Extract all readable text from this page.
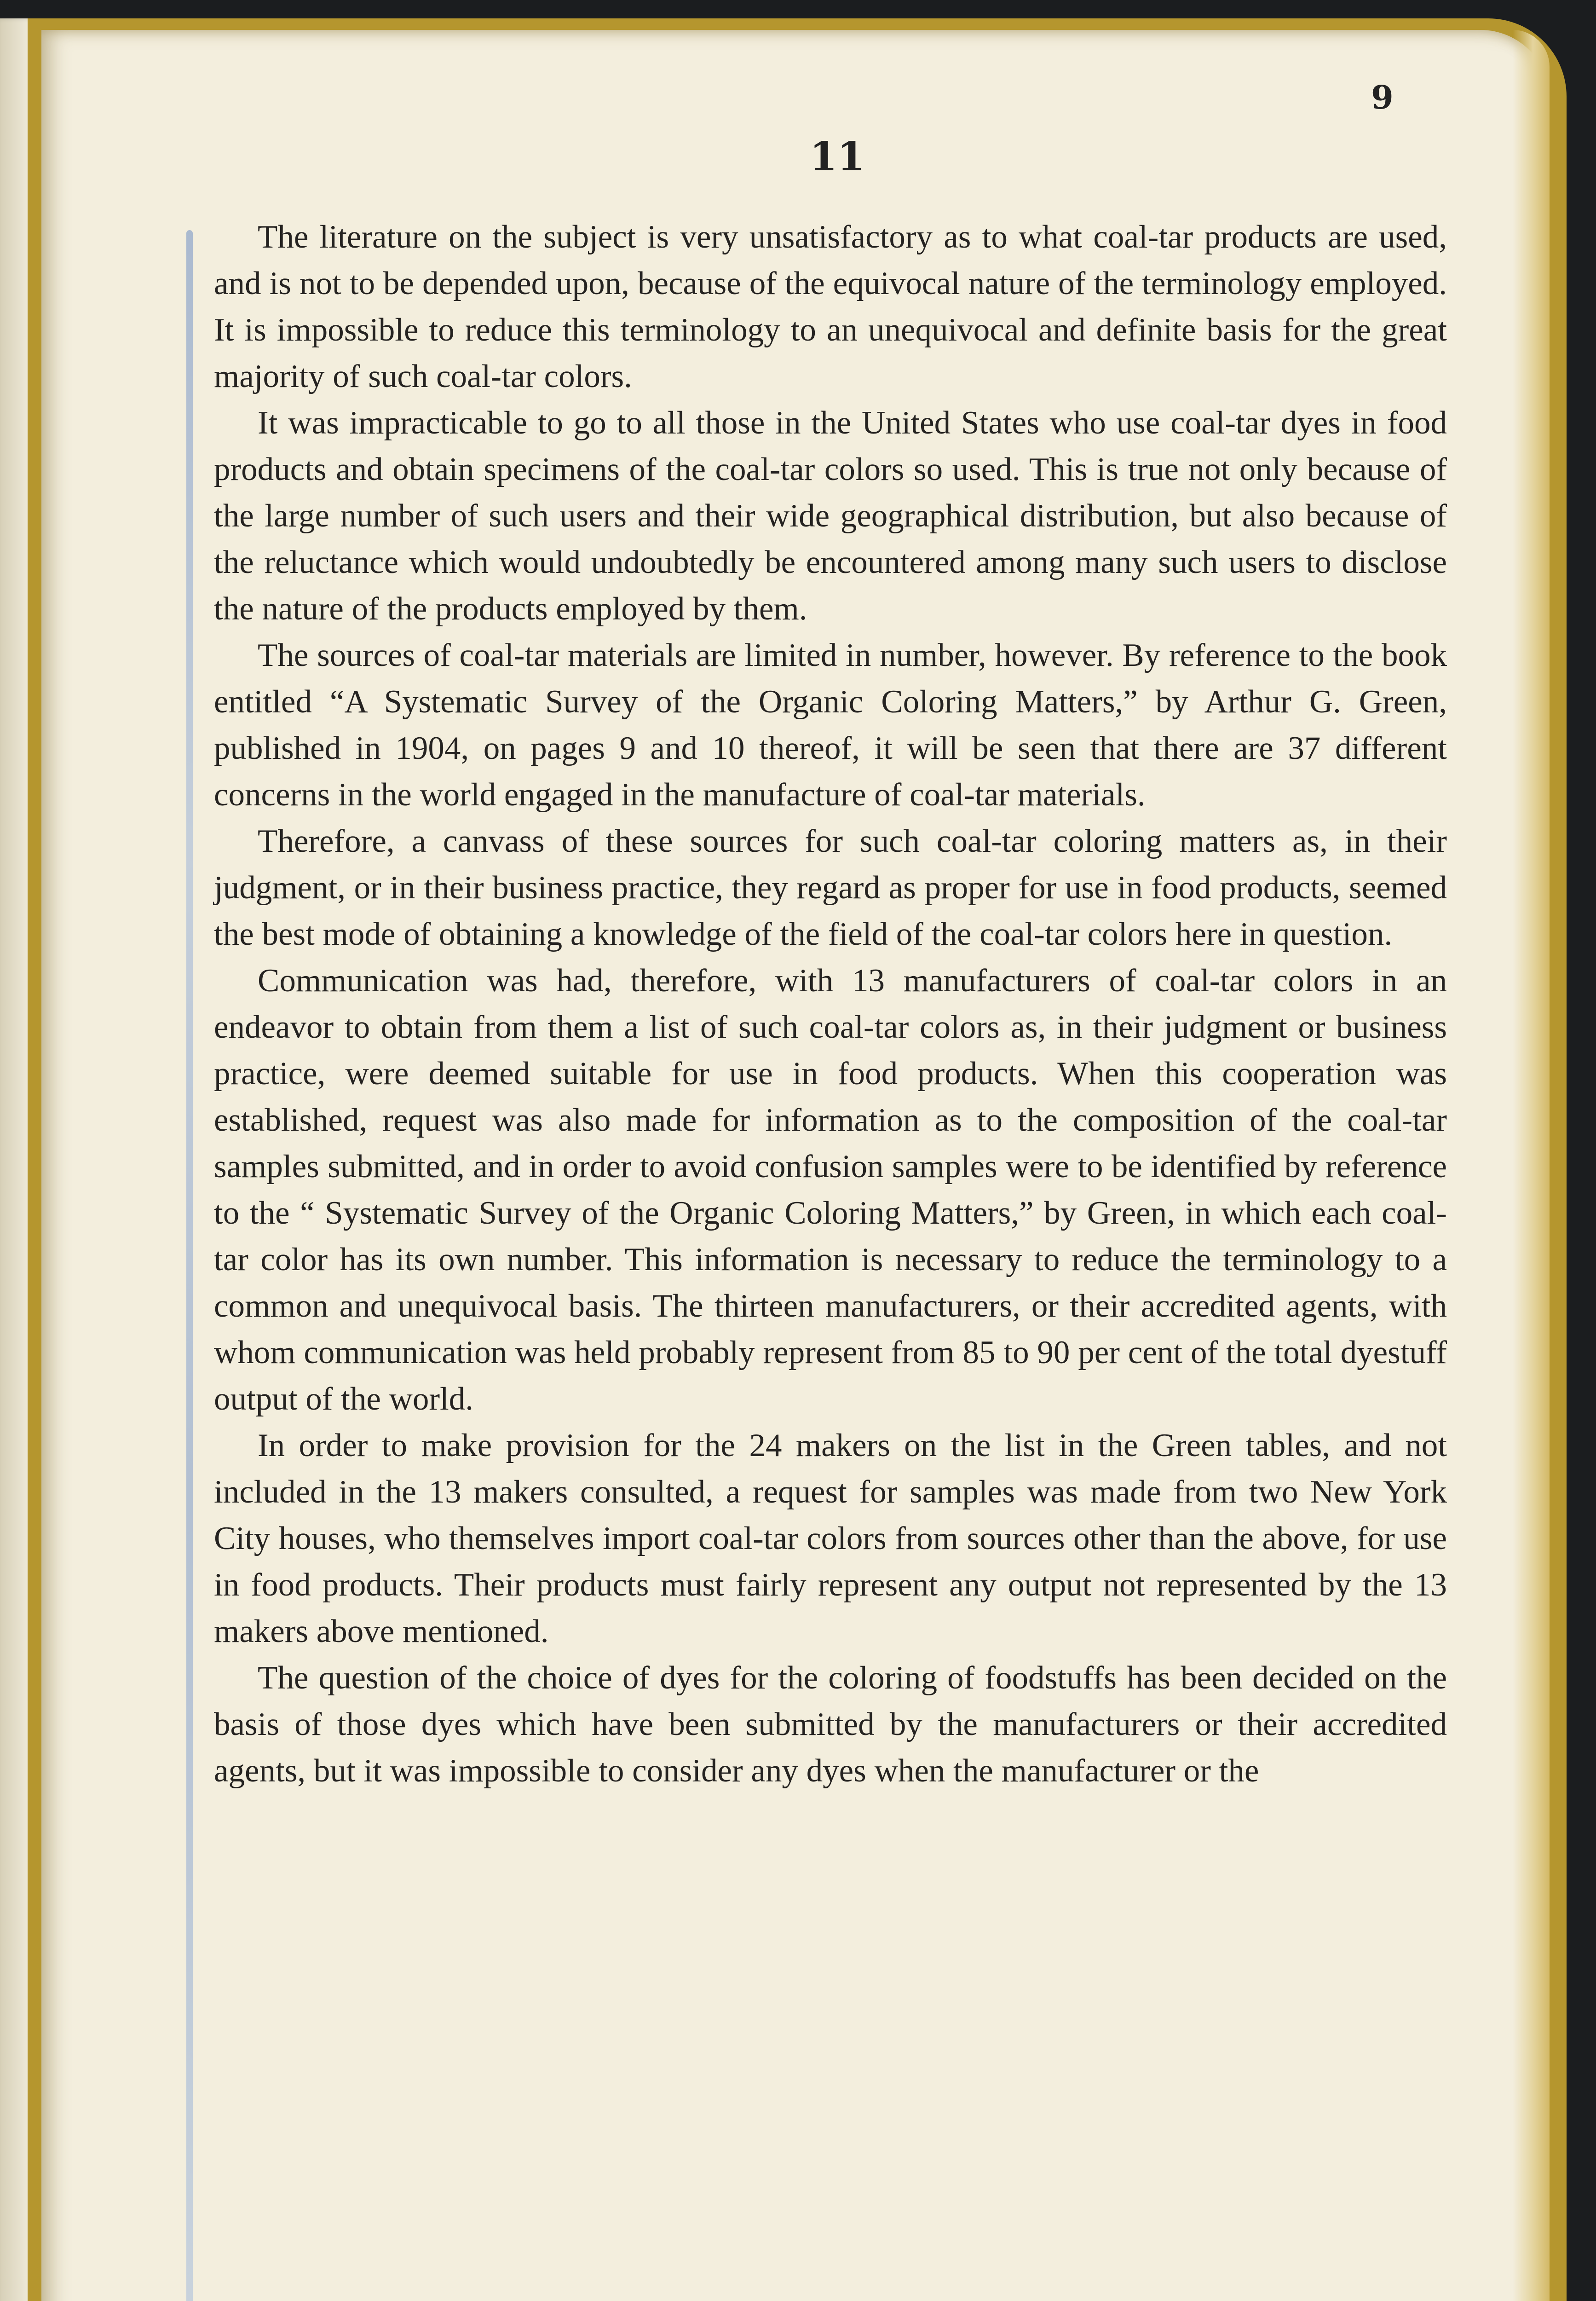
9
11

The literature on the subject is very unsatisfactory as to what coal-tar products are used, and is not to be depended upon, because of the equivocal nature of the terminology employed. It is impossible to reduce this terminology to an unequivocal and definite basis for the great majority of such coal-tar colors.

It was impracticable to go to all those in the United States who use coal-tar dyes in food products and obtain specimens of the coal-tar colors so used. This is true not only because of the large number of such users and their wide geographical distribution, but also because of the reluctance which would undoubtedly be encountered among many such users to disclose the nature of the products employed by them.

The sources of coal-tar materials are limited in number, however. By reference to the book entitled “A Systematic Survey of the Organic Coloring Matters,” by Arthur G. Green, published in 1904, on pages 9 and 10 thereof, it will be seen that there are 37 different concerns in the world engaged in the manufacture of coal-tar materials.

Therefore, a canvass of these sources for such coal-tar coloring matters as, in their judgment, or in their business practice, they regard as proper for use in food products, seemed the best mode of obtaining a knowledge of the field of the coal-tar colors here in question.

Communication was had, therefore, with 13 manufacturers of coal-tar colors in an endeavor to obtain from them a list of such coal-tar colors as, in their judgment or business practice, were deemed suitable for use in food products. When this cooperation was established, request was also made for information as to the composition of the coal-tar samples submitted, and in order to avoid confusion samples were to be identified by reference to the “ Systematic Survey of the Organic Coloring Matters,” by Green, in which each coal-tar color has its own number. This information is necessary to reduce the terminology to a common and unequivocal basis. The thirteen manufacturers, or their accredited agents, with whom communication was held probably represent from 85 to 90 per cent of the total dyestuff output of the world.

In order to make provision for the 24 makers on the list in the Green tables, and not included in the 13 makers consulted, a request for samples was made from two New York City houses, who themselves import coal-tar colors from sources other than the above, for use in food products. Their products must fairly represent any output not represented by the 13 makers above mentioned.

The question of the choice of dyes for the coloring of foodstuffs has been decided on the basis of those dyes which have been submitted by the manufacturers or their accredited agents, but it was impossible to consider any dyes when the manufacturer or the
